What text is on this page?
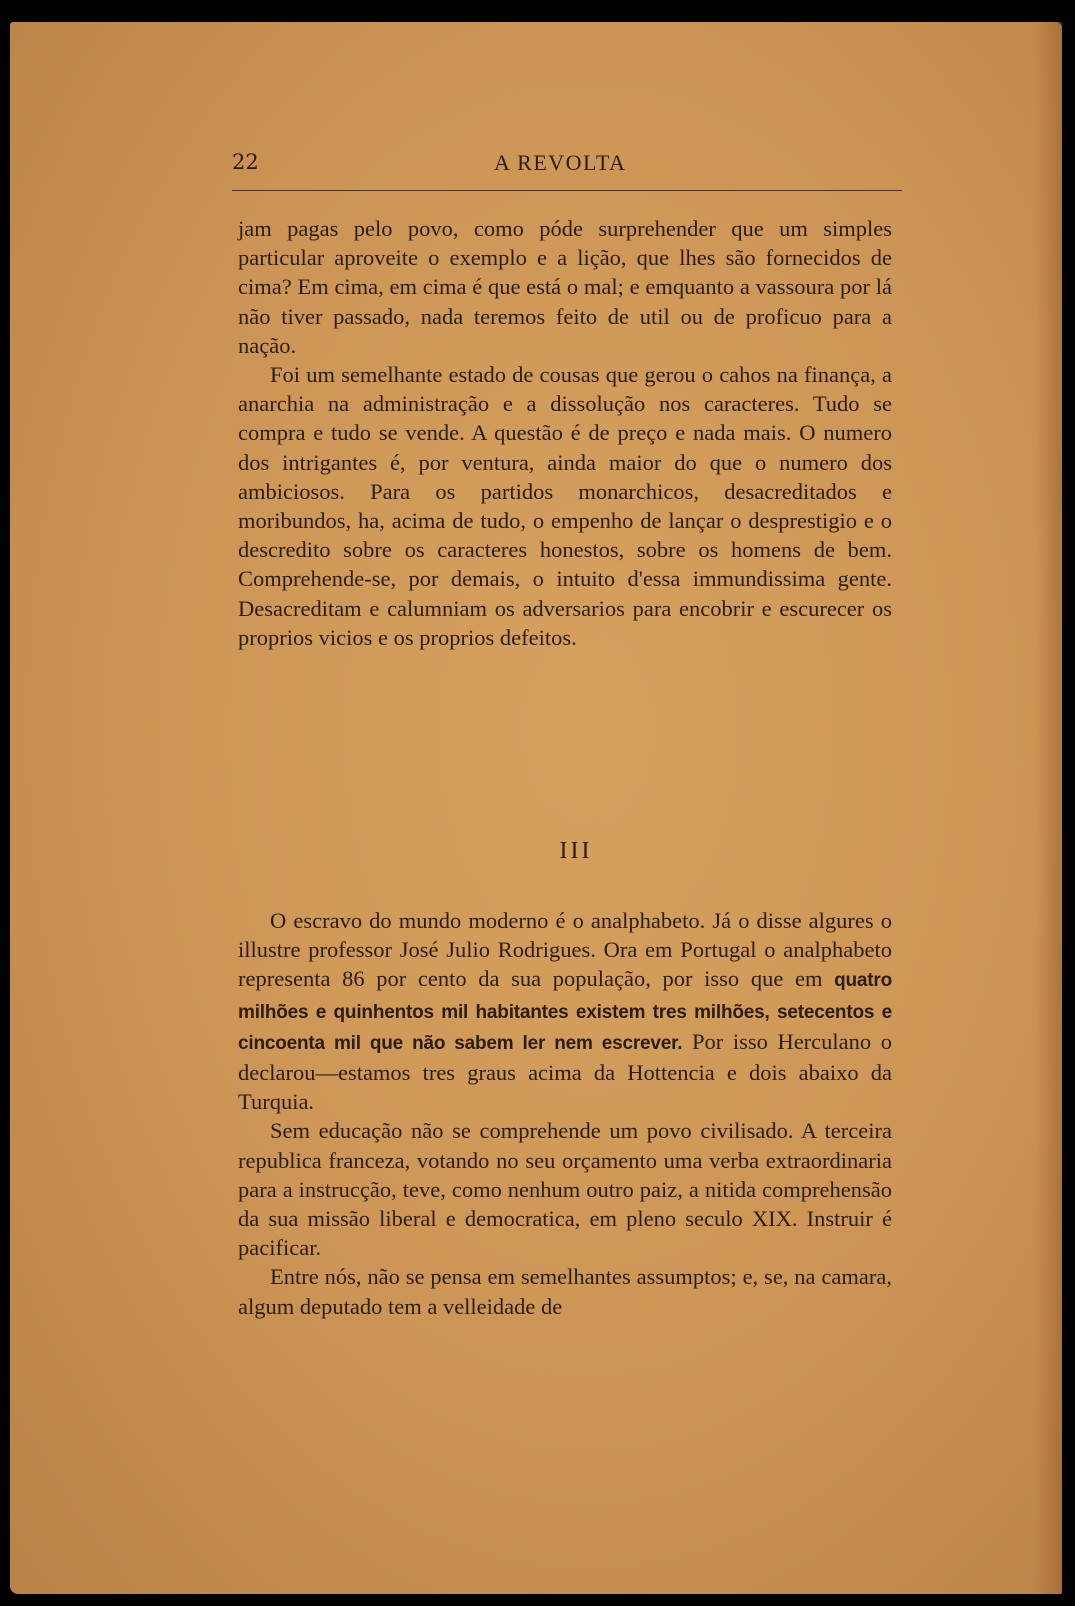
22	A REVOLTA

jam pagas pelo povo, como póde surprehender que um simples particular aproveite o exemplo e a lição, que lhes são fornecidos de cima? Em cima, em cima é que está o mal; e emquanto a vassoura por lá não tiver passado, nada teremos feito de util ou de proficuo para a nação.

Foi um semelhante estado de cousas que gerou o cahos na finança, a anarchia na administração e a dissolução nos caracteres. Tudo se compra e tudo se vende. A questão é de preço e nada mais. O numero dos intrigantes é, por ventura, ainda maior do que o numero dos ambiciosos. Para os partidos monarchicos, desacreditados e moribundos, ha, acima de tudo, o empenho de lançar o desprestigio e o descredito sobre os caracteres honestos, sobre os homens de bem. Comprehende-se, por demais, o intuito d'essa immundissima gente. Desacreditam e calumniam os adversarios para encobrir e escurecer os proprios vicios e os proprios defeitos.

III

O escravo do mundo moderno é o analphabeto. Já o disse algures o illustre professor José Julio Rodrigues. Ora em Portugal o analphabeto representa 86 por cento da sua população, por isso que em quatro milhões e quinhentos mil habitantes existem tres milhões, setecentos e cincoenta mil que não sabem ler nem escrever. Por isso Herculano o declarou—estamos tres graus acima da Hottencia e dois abaixo da Turquia.

Sem educação não se comprehende um povo civilisado. A terceira republica franceza, votando no seu orçamento uma verba extraordinaria para a instrucção, teve, como nenhum outro paiz, a nitida comprehensão da sua missão liberal e democratica, em pleno seculo XIX. Instruir é pacificar.

Entre nós, não se pensa em semelhantes assumptos; e, se, na camara, algum deputado tem a velleidade de
